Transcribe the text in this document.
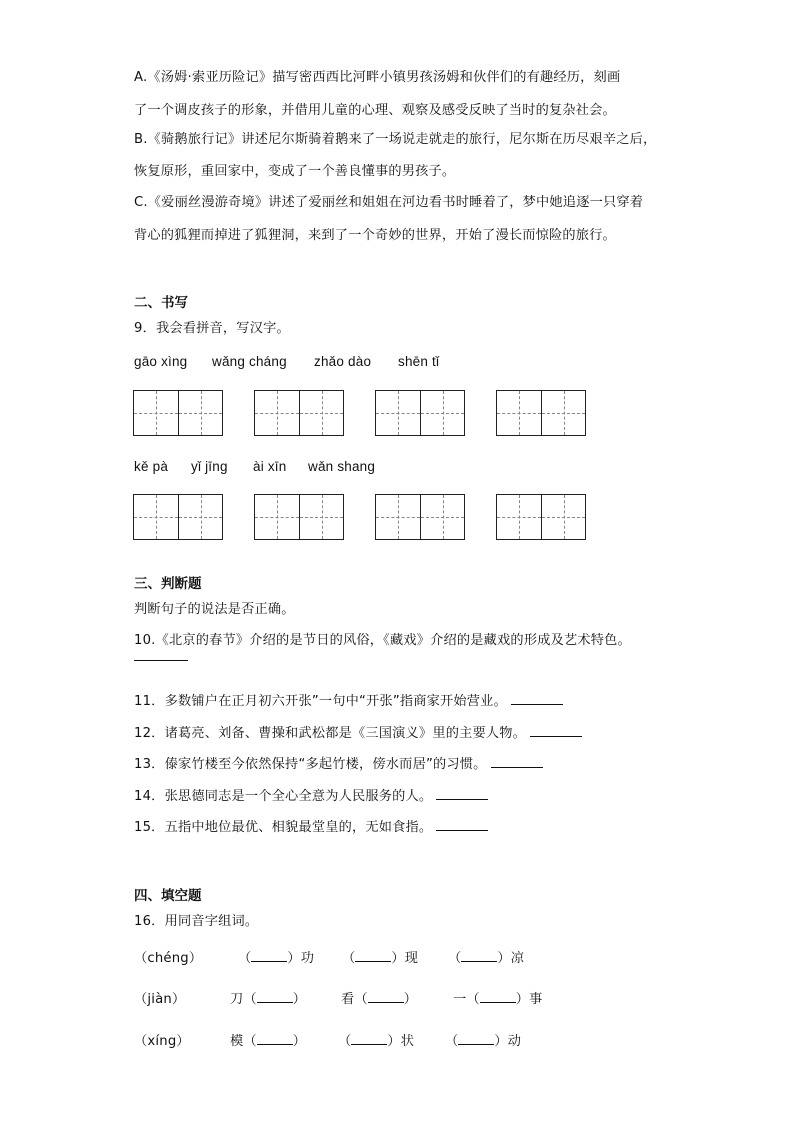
A.《汤姆·索亚历险记》描写密西西比河畔小镇男孩汤姆和伙伴们的有趣经历，刻画
了一个调皮孩子的形象，并借用儿童的心理、观察及感受反映了当时的复杂社会。
B.《骑鹅旅行记》讲述尼尔斯骑着鹅来了一场说走就走的旅行，尼尔斯在历尽艰辛之后，
恢复原形，重回家中，变成了一个善良懂事的男孩子。
C.《爱丽丝漫游奇境》讲述了爱丽丝和姐姐在河边看书时睡着了，梦中她追逐一只穿着
背心的狐狸而掉进了狐狸洞，来到了一个奇妙的世界，开始了漫长而惊险的旅行。
二、书写
9．我会看拼音，写汉字。
gāo xìng wǎng cháng zhǎo dào shēn tǐ
kě pà yǐ jīng ài xīn wǎn shang
三、判断题
判断句子的说法是否正确。
10.《北京的春节》介绍的是节日的风俗，《藏戏》介绍的是藏戏的形成及艺术特色。
11．多数铺户在正月初六开张”一句中“开张”指商家开始营业。
12．诸葛亮、刘备、曹操和武松都是《三国演义》里的主要人物。
13．傣家竹楼至今依然保持“多起竹楼，傍水而居”的习惯。
14．张思德同志是一个全心全意为人民服务的人。
15．五指中地位最优、相貌最堂皇的，无如食指。
四、填空题
16．用同音字组词。
（chéng）	（	）功 （	）现 （	）凉
（jiàn）	刀（	）	看（	）	一（	）事
（xíng）	模（	） （	）状 （	）动
